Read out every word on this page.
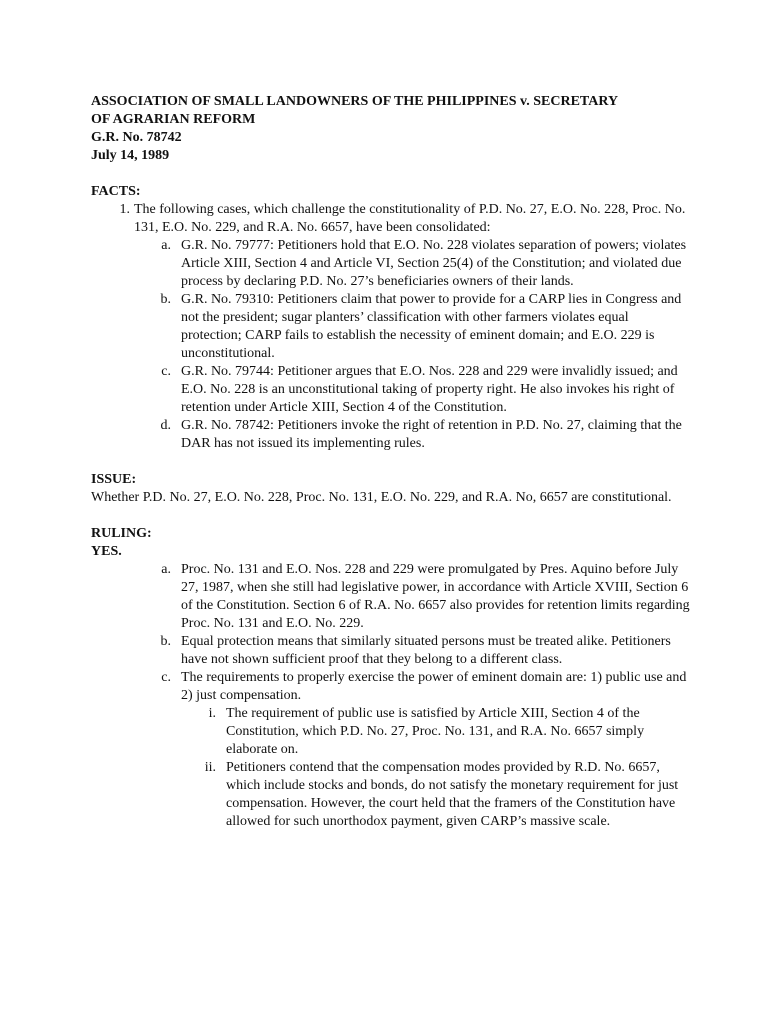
ASSOCIATION OF SMALL LANDOWNERS OF THE PHILIPPINES v. SECRETARY

OF AGRARIAN REFORM

G.R. No. 78742

July 14, 1989

FACTS:

1. The following cases, which challenge the constitutionality of P.D. No. 27, E.O. No. 228, Proc. No. 131, E.O. No. 229, and R.A. No. 6657, have been consolidated:
a. G.R. No. 79777: Petitioners hold that E.O. No. 228 violates separation of powers; violates Article XIII, Section 4 and Article VI, Section 25(4) of the Constitution; and violated due process by declaring P.D. No. 27’s beneficiaries owners of their lands.
b. G.R. No. 79310: Petitioners claim that power to provide for a CARP lies in Congress and not the president; sugar planters’ classification with other farmers violates equal protection; CARP fails to establish the necessity of eminent domain; and E.O. 229 is unconstitutional.
c. G.R. No. 79744: Petitioner argues that E.O. Nos. 228 and 229 were invalidly issued; and E.O. No. 228 is an unconstitutional taking of property right. He also invokes his right of retention under Article XIII, Section 4 of the Constitution.
d. G.R. No. 78742: Petitioners invoke the right of retention in P.D. No. 27, claiming that the DAR has not issued its implementing rules.

ISSUE:

Whether P.D. No. 27, E.O. No. 228, Proc. No. 131, E.O. No. 229, and R.A. No, 6657 are constitutional.

RULING:

YES.

a. Proc. No. 131 and E.O. Nos. 228 and 229 were promulgated by Pres. Aquino before July 27, 1987, when she still had legislative power, in accordance with Article XVIII, Section 6 of the Constitution. Section 6 of R.A. No. 6657 also provides for retention limits regarding Proc. No. 131 and E.O. No. 229.
b. Equal protection means that similarly situated persons must be treated alike. Petitioners have not shown sufficient proof that they belong to a different class.
c. The requirements to properly exercise the power of eminent domain are: 1) public use and 2) just compensation.
i. The requirement of public use is satisfied by Article XIII, Section 4 of the Constitution, which P.D. No. 27, Proc. No. 131, and R.A. No. 6657 simply elaborate on.
ii. Petitioners contend that the compensation modes provided by R.D. No. 6657, which include stocks and bonds, do not satisfy the monetary requirement for just compensation. However, the court held that the framers of the Constitution have allowed for such unorthodox payment, given CARP’s massive scale.
